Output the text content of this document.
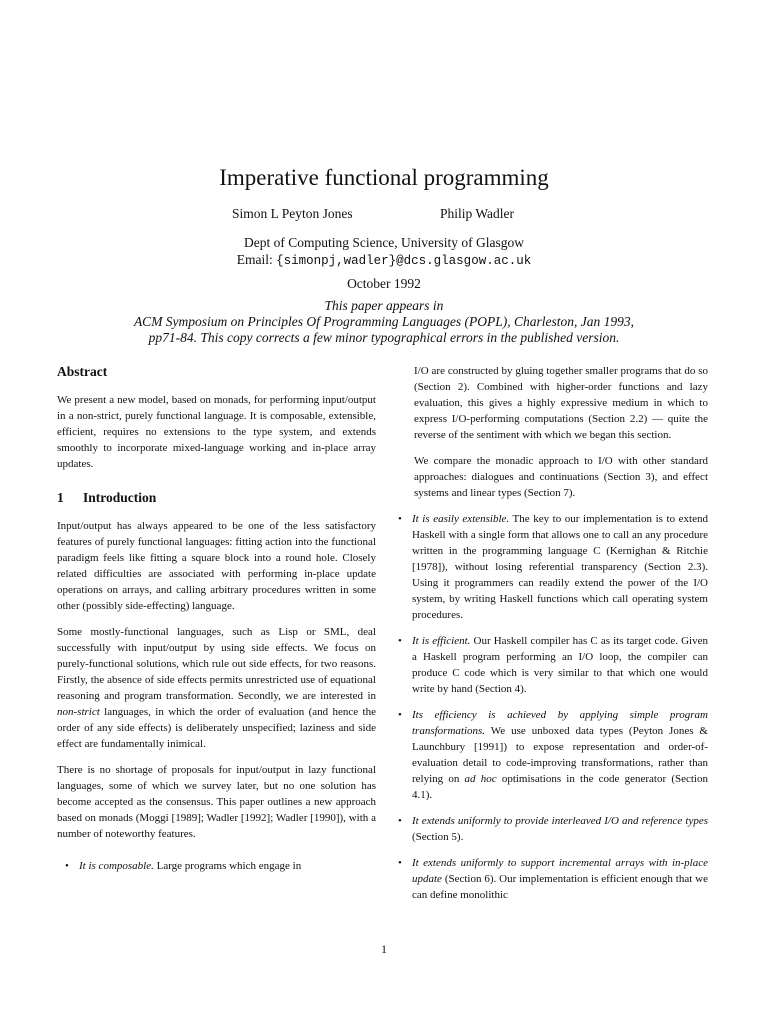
Imperative functional programming
Simon L Peyton Jones	Philip Wadler
Dept of Computing Science, University of Glasgow
Email: {simonpj,wadler}@dcs.glasgow.ac.uk
October 1992
This paper appears in
ACM Symposium on Principles Of Programming Languages (POPL), Charleston, Jan 1993,
pp71-84. This copy corrects a few minor typographical errors in the published version.
Abstract

We present a new model, based on monads, for performing input/output in a non-strict, purely functional language. It is composable, extensible, efficient, requires no extensions to the type system, and extends smoothly to incorporate mixed-language working and in-place array updates.

1 Introduction

Input/output has always appeared to be one of the less satisfactory features of purely functional languages: fitting action into the functional paradigm feels like fitting a square block into a round hole. Closely related difficulties are associated with performing in-place update operations on arrays, and calling arbitrary procedures written in some other (possibly side-effecting) language.

Some mostly-functional languages, such as Lisp or SML, deal successfully with input/output by using side effects. We focus on purely-functional solutions, which rule out side effects, for two reasons. Firstly, the absence of side effects permits unrestricted use of equational reasoning and program transformation. Secondly, we are interested in non-strict languages, in which the order of evaluation (and hence the order of any side effects) is deliberately unspecified; laziness and side effect are fundamentally inimical.

There is no shortage of proposals for input/output in lazy functional languages, some of which we survey later, but no one solution has become accepted as the consensus. This paper outlines a new approach based on monads (Moggi [1989]; Wadler [1992]; Wadler [1990]), with a number of noteworthy features.

• It is composable. Large programs which engage in

I/O are constructed by gluing together smaller programs that do so (Section 2). Combined with higher-order functions and lazy evaluation, this gives a highly expressive medium in which to express I/O-performing computations (Section 2.2) — quite the reverse of the sentiment with which we began this section.

We compare the monadic approach to I/O with other standard approaches: dialogues and continuations (Section 3), and effect systems and linear types (Section 7).

• It is easily extensible. The key to our implementation is to extend Haskell with a single form that allows one to call an any procedure written in the programming language C (Kernighan & Ritchie [1978]), without losing referential transparency (Section 2.3). Using it programmers can readily extend the power of the I/O system, by writing Haskell functions which call operating system procedures.
• It is efficient. Our Haskell compiler has C as its target code. Given a Haskell program performing an I/O loop, the compiler can produce C code which is very similar to that which one would write by hand (Section 4).
• Its efficiency is achieved by applying simple program transformations. We use unboxed data types (Peyton Jones & Launchbury [1991]) to expose representation and order-of-evaluation detail to code-improving transformations, rather than relying on ad hoc optimisations in the code generator (Section 4.1).
• It extends uniformly to provide interleaved I/O and reference types (Section 5).
• It extends uniformly to support incremental arrays with in-place update (Section 6). Our implementation is efficient enough that we can define monolithic
1
